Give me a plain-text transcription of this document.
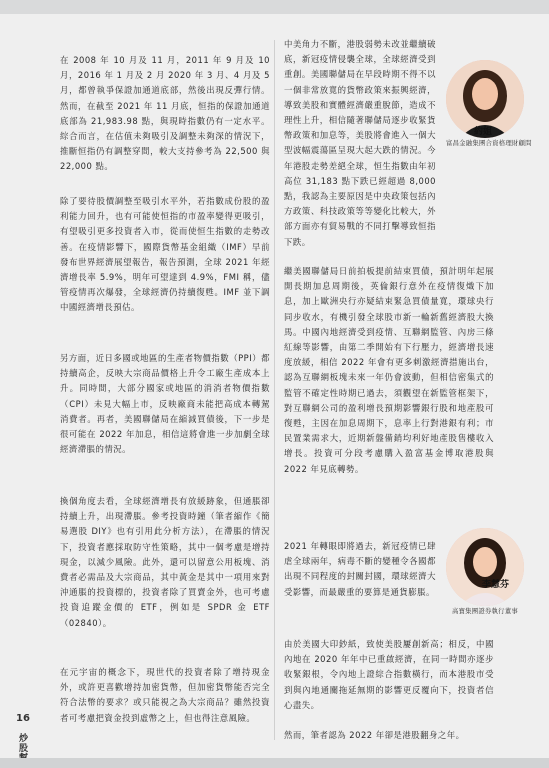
在 2008 年 10 月及 11 月，2011 年 9 月及 10 月，2016 年 1 月及 2 月 2020 年 3 月、4 月及 5 月，都曾執爭保證加通道底部，然後出現反彈行情。然而，在截至 2021 年 11 月底，恒指的保證加通道底部為 21,983.98 點，與現時指數仍有一定水平。綜合而言，在估值未夠吸引及調整未夠深的情況下，推斷恒指仍有調整穿間，較大支持參考為 22,500 與 22,000 點。

除了要待股價調整至吸引水平外，若指數成份股的盈利能力回升，也有可能使恒指的市盈率變得更吸引，有望吸引更多投資者入市，從而使恒生指數的走勢改善。在疫情影響下，國際貨幣基金組織（IMF）早前發布世界經濟展望報告，報告預測，全球 2021 年經濟增長率 5.9%，明年可望達到 4.9%，FMI 稱，儘管疫情再次爆發，全球經濟仍持續復甦。IMF 並下調中國經濟增長預估。

另方面，近日多國或地區的生產者物價指數（PPI）都持續高企，反映大宗商品價格上升令工廠生產成本上升。同時間，大部分國家或地區的消消者物價指數（CPI）未見大幅上市，反映廠商未能把高成本轉駕消費者。再者，美國聯儲局在縮減買債後，下一步是很可能在 2022 年加息，相信這將會進一步加劇全球經濟滯脹的情況。

換個角度去看，全球經濟增長有放緩跡象，但通脹卻持續上升，出現滯脹。參考投資時鐘（筆者縮作《簡易選股 DIY》也有引用此分析方法），在滯脹的情況下，投資者應採取防守性策略，其中一個考慮是增持現金，以減少風險。此外，還可以留意公用板塊、消費者必需品及大宗商品，其中黃金是其中一項用來對沖通脹的投資標的，投資者除了買賣金外，也可考慮投資追蹤金價的 ETF，例如是 SPDR 金 ETF（02840）。

在元宇宙的概念下，現世代的投資者除了增持現金外，或許更喜歡增持加密貨幣，但加密貨幣能否完全符合法幣的要求？或只能視之為大宗商品？雖然投資者可考慮把資金投到虛幣之上，但也得注意風險。

中美角力不斷，港股弱勢未改並繼續破底，新冠疫情侵襲全球，全球經濟受到重創。美國聯儲局在早段時期不得不以一個非常放寬的貨幣政策來振興經濟，導致美股和實體經濟嚴重脫節，造成不理性上升，相信隨著聯儲局逐步收緊貨幣政策和加息等，美股將會進入一個大型波幅震蕩區呈現大起大跌的情況。今年港股走勢差絕全球，恒生指數由年初高位 31,183 點下跌已經超過 8,000 點，我認為主要原因是中央政策包括內方政策、科技政策等等變化比較大，外部方面亦有貿易戰的不同打擊導致恒指下跌。

約姐
富昌金融集團合資格理財顧問

繼美國聯儲局日前拍板提前結束買債，預計明年起展開長期加息周期後，英倫銀行意外在疫情復熾下加息，加上歐洲央行亦疑結束緊急買債量寬，環球央行同步收水，有機引發全球股市新一輪新舊經濟股大換馬。中國內地經濟受到疫情、互聯網監管、內房三條紅線等影響，由第二季開始有下行壓力，經濟增長速度放緩，相信 2022 年會有更多刺激經濟措施出台，認為互聯網板塊未來一年仍會波動，但相信密集式的監管不確定性時期已過去，須觀望在新監管框架下，對互聯網公司的盈利增長預期影響銀行股和地產股可復甦，主因在加息周期下，息率上行對港銀有利；市民置業需求大，近期新盤備銷均利好地產股售樓收入增長。投資可分段考慮購入盈富基金博取港股與 2022 年見底轉勢。

2021 年轉眼即將過去，新冠疫情已肆虐全球兩年，病毒不斷的變種令各國都出現不同程度的封關封國，環球經濟大受影響，而最嚴重的要算是通貨膨脹。

李慧芬
高寶集團證券執行董事

由於美國大印鈔紙，致使美股屢創新高；相反，中國內地在 2020 年年中已重啟經濟，在同一時間亦逐步收緊銀根，令內地上證綜合指數橫行，而本港股市受到與內地通關拖延無期的影響更反覆向下，投資者信心盡失。

然而，筆者認為 2022 年卻是港股翻身之年。

16
炒股
